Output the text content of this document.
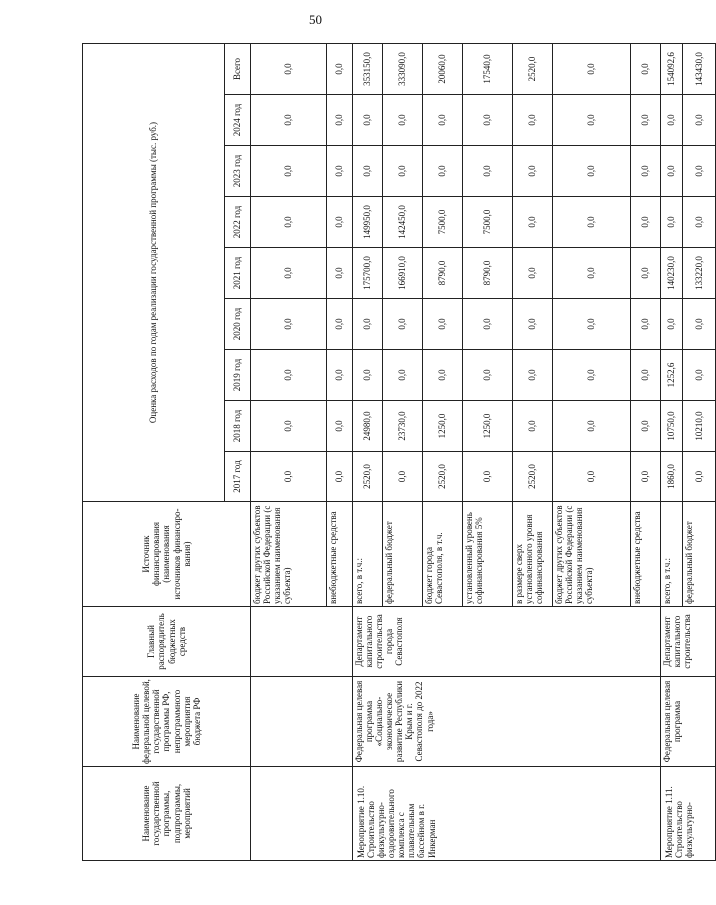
50
Наименование государственной программы, подпрограммы, мероприятий	Наименование федеральной целевой, государственной программы РФ, непрограммного мероприятия бюджета РФ	Главный распорядитель бюджетных средств	Источник финансирования (наименования источников финансиро-вания)	Оценка расходов по годам реализации государственной программы (тыс. руб.)								
				2017 год	2018 год	2019 год	2020 год	2021 год	2022 год	2023 год	2024 год	Всего
			бюджет других субъектов Российской Федерации (с указанием наименования субъекта)	0,0	0,0	0,0	0,0	0,0	0,0	0,0	0,0	0,0
			внебюджетные средства	0,0	0,0	0,0	0,0	0,0	0,0	0,0	0,0	0,0
Мероприятие 1.10. Строительство физкультурно-оздоровительного комплекса с плавательным бассейном в г. Инкерман	Федеральная целевая программа «Социально-экономическое развитие Республики Крым и г. Севастополя до 2022 года»	Департамент капитального строительства города Севастополя	всего, в т.ч.:	2520,0	24980,0	0,0	0,0	175700,0	149950,0	0,0	0,0	353150,0
			федеральный бюджет	0,0	23730,0	0,0	0,0	166910,0	142450,0	0,0	0,0	333090,0
			бюджет города Севастополя, в т.ч.	2520,0	1250,0	0,0	0,0	8790,0	7500,0	0,0	0,0	20060,0
			установленный уровень софинансирования 5%	0,0	1250,0	0,0	0,0	8790,0	7500,0	0,0	0,0	17540,0
			в размере сверх установленного уровня софинансирования	2520,0	0,0	0,0	0,0	0,0	0,0	0,0	0,0	2520,0
			бюджет других субъектов Российской Федерации (с указанием наименования субъекта)	0,0	0,0	0,0	0,0	0,0	0,0	0,0	0,0	0,0
			внебюджетные средства	0,0	0,0	0,0	0,0	0,0	0,0	0,0	0,0	0,0
Мероприятие 1.11. Строительство физкультурно-	Федеральная целевая программа	Департамент капитального строительства	всего, в т.ч.:	1860,0	10750,0	1252,6	0,0	140230,0	0,0	0,0	0,0	154092,6
			федеральный бюджет	0,0	10210,0	0,0	0,0	133220,0	0,0	0,0	0,0	143430,0
